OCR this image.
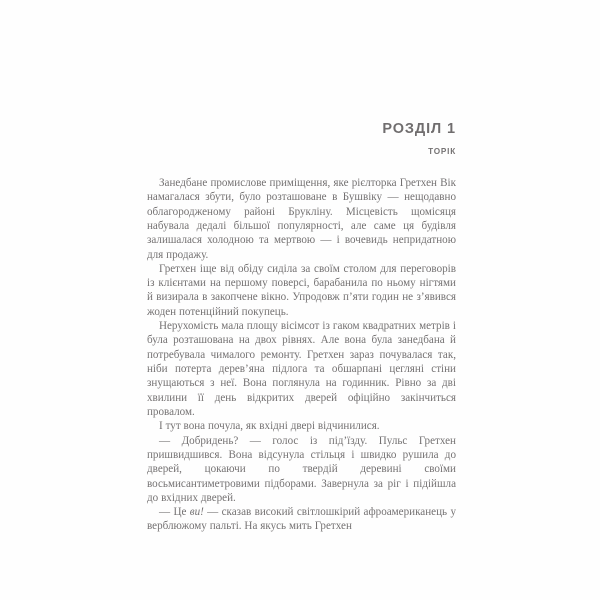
РОЗДІЛ 1
ТОРІК

Занедбане промислове приміщення, яке рієлторка Гретхен Вік намагалася збути, було розташоване в Бушвіку — нещодавно облагородженому районі Брукліну. Місцевість щомісяця набувала дедалі більшої популярності, але саме ця будівля залишалася холодною та мертвою — і вочевидь непридатною для продажу.

Гретхен іще від обіду сиділа за своїм столом для переговорів із клієнтами на першому поверсі, барабанила по ньому нігтями й визирала в закопчене вікно. Упродовж п’яти годин не з’явився жоден потенційний покупець.

Нерухомість мала площу вісімсот із гаком квадратних метрів і була розташована на двох рівнях. Але вона була занедбана й потребувала чималого ремонту. Гретхен зараз почувалася так, ніби потерта дерев’яна підлога та обшарпані цегляні стіни знущаються з неї. Вона поглянула на годинник. Рівно за дві хвилини її день відкритих дверей офіційно закінчиться провалом.

І тут вона почула, як вхідні двері відчинилися.

— Добридень? — голос із під’їзду. Пульс Гретхен пришвидшився. Вона відсунула стільця і швидко рушила до дверей, цокаючи по твердій деревині своїми восьмисантиметровими підборами. Завернула за ріг і підійшла до вхідних дверей.

— Це ви! — сказав високий світлошкірий афроамериканець у верблюжому пальті. На якусь мить Гретхен
